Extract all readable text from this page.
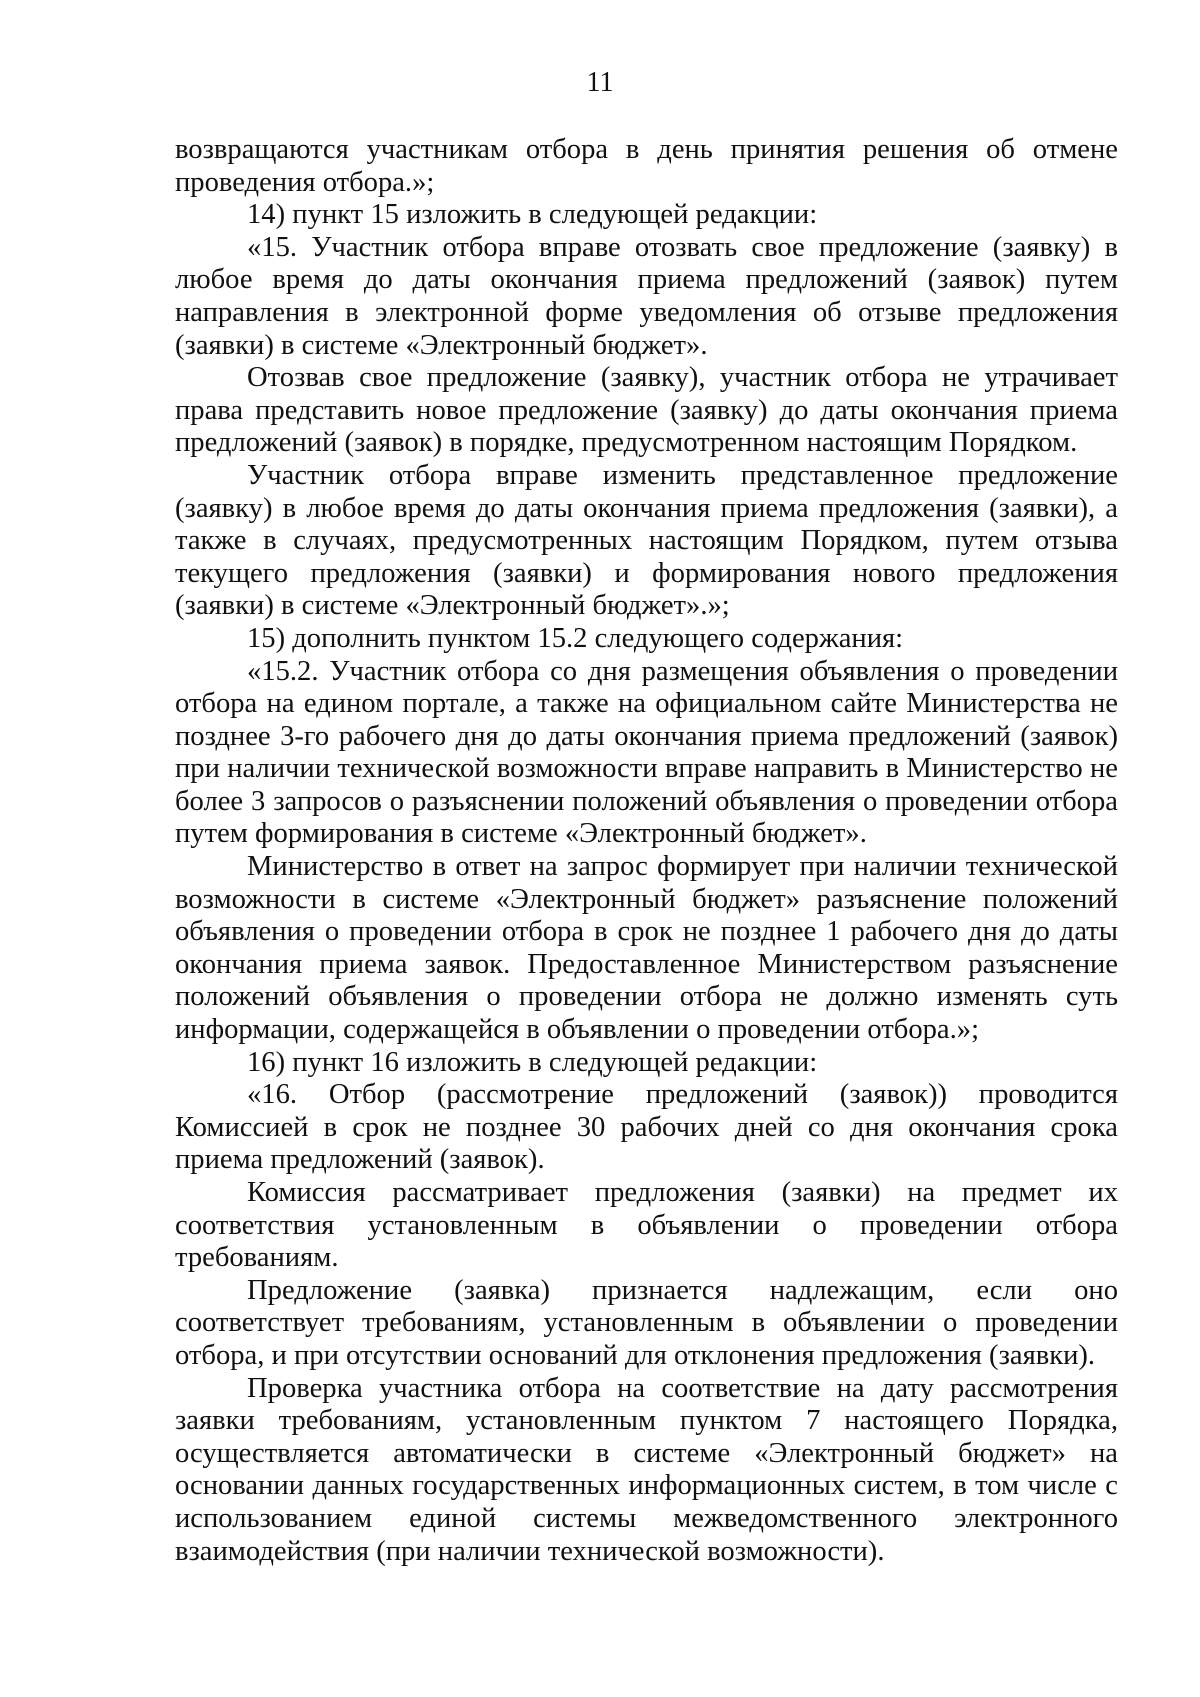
11

возвращаются участникам отбора в день принятия решения об отмене проведения отбора.»;

14) пункт 15 изложить в следующей редакции:

«15. Участник отбора вправе отозвать свое предложение (заявку) в любое время до даты окончания приема предложений (заявок) путем направления в электронной форме уведомления об отзыве предложения (заявки) в системе «Электронный бюджет».

Отозвав свое предложение (заявку), участник отбора не утрачивает права представить новое предложение (заявку) до даты окончания приема предложений (заявок) в порядке, предусмотренном настоящим Порядком.

Участник отбора вправе изменить представленное предложение (заявку) в любое время до даты окончания приема предложения (заявки), а также в случаях, предусмотренных настоящим Порядком, путем отзыва текущего предложения (заявки) и формирования нового предложения (заявки) в системе «Электронный бюджет».»;

15) дополнить пунктом 15.2 следующего содержания:

«15.2. Участник отбора со дня размещения объявления о проведении отбора на едином портале, а также на официальном сайте Министерства не позднее 3-го рабочего дня до даты окончания приема предложений (заявок) при наличии технической возможности вправе направить в Министерство не более 3 запросов о разъяснении положений объявления о проведении отбора путем формирования в системе «Электронный бюджет».

Министерство в ответ на запрос формирует при наличии технической возможности в системе «Электронный бюджет» разъяснение положений объявления о проведении отбора в срок не позднее 1 рабочего дня до даты окончания приема заявок. Предоставленное Министерством разъяснение положений объявления о проведении отбора не должно изменять суть информации, содержащейся в объявлении о проведении отбора.»;

16) пункт 16 изложить в следующей редакции:

«16. Отбор (рассмотрение предложений (заявок)) проводится Комиссией в срок не позднее 30 рабочих дней со дня окончания срока приема предложений (заявок).

Комиссия рассматривает предложения (заявки) на предмет их соответствия установленным в объявлении о проведении отбора требованиям.

Предложение (заявка) признается надлежащим, если оно соответствует требованиям, установленным в объявлении о проведении отбора, и при отсутствии оснований для отклонения предложения (заявки).

Проверка участника отбора на соответствие на дату рассмотрения заявки требованиям, установленным пунктом 7 настоящего Порядка, осуществляется автоматически в системе «Электронный бюджет» на основании данных государственных информационных систем, в том числе с использованием единой системы межведомственного электронного взаимодействия (при наличии технической возможности).
